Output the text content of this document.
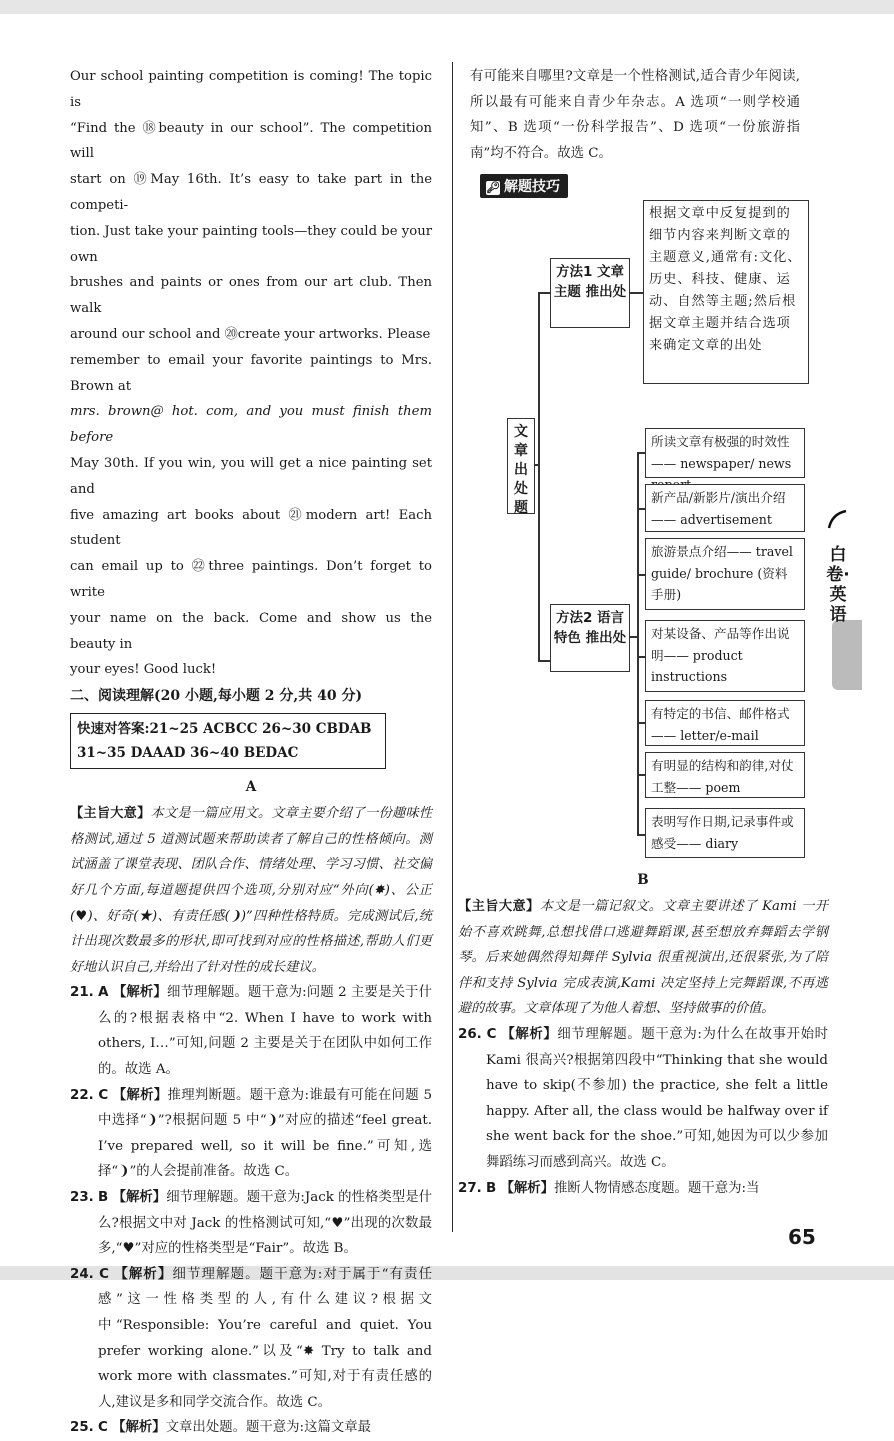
Our school painting competition is coming! The topic is

“Find the ⑱beauty in our school”. The competition will

start on ⑲May 16th. It’s easy to take part in the competi-

tion. Just take your painting tools—they could be your own

brushes and paints or ones from our art club. Then walk

around our school and ⑳create your artworks. Please

remember to email your favorite paintings to Mrs. Brown at

mrs. brown@ hot. com, and you must finish them before

May 30th. If you win, you will get a nice painting set and

five amazing art books about ㉑modern art! Each student

can email up to ㉒three paintings. Don’t forget to write

your name on the back. Come and show us the beauty in

your eyes! Good luck!

二、阅读理解(20 小题,每小题 2 分,共 40 分)

快速对答案:21~25 ACBCC 26~30 CBDAB
31~35 DAAAD 36~40 BEDAC

A

【主旨大意】本文是一篇应用文。文章主要介绍了一份趣味性格测试,通过 5 道测试题来帮助读者了解自己的性格倾向。测试涵盖了课堂表现、团队合作、情绪处理、学习习惯、社交偏好几个方面,每道题提供四个选项,分别对应“外向(✸)、公正(♥)、好奇(★)、有责任感(❩)”四种性格特质。完成测试后,统计出现次数最多的形状,即可找到对应的性格描述,帮助人们更好地认识自己,并给出了针对性的成长建议。

21. A 【解析】细节理解题。题干意为:问题 2 主要是关于什么的?根据表格中“2. When I have to work with others, I…”可知,问题 2 主要是关于在团队中如何工作的。故选 A。

22. C 【解析】推理判断题。题干意为:谁最有可能在问题 5 中选择“❩”?根据问题 5 中“❩”对应的描述“feel great. I’ve prepared well, so it will be fine.”可知,选择“❩”的人会提前准备。故选 C。

23. B 【解析】细节理解题。题干意为:Jack 的性格类型是什么?根据文中对 Jack 的性格测试可知,“♥”出现的次数最多,“♥”对应的性格类型是“Fair”。故选 B。

24. C 【解析】细节理解题。题干意为:对于属于“有责任感”这一性格类型的人,有什么建议?根据文中“Responsible: You’re careful and quiet. You prefer working alone.”以及“✸ Try to talk and work more with classmates.”可知,对于有责任感的人,建议是多和同学交流合作。故选 C。

25. C 【解析】文章出处题。题干意为:这篇文章最

有可能来自哪里?文章是一个性格测试,适合青少年阅读,所以最有可能来自青少年杂志。A 选项“一则学校通知”、B 选项“一份科学报告”、D 选项“一份旅游指南”均不符合。故选 C。

🔑︎ 解题技巧
文章出处题
方法1 文章主题 推出处
方法2 语言特色 推出处
根据文章中反复提到的细节内容来判断文章的主题意义,通常有:文化、历史、科技、健康、运动、自然等主题;然后根据文章主题并结合选项来确定文章的出处
所读文章有极强的时效性—— newspaper/ news
新产品/新影片/演出介绍—— advertisement
旅游景点介绍—— travel guide/ brochure (资料手册)
对某设备、产品等作出说明—— product instructions
有特定的书信、邮件格式—— letter/e-mail
有明显的结构和韵律,对仗工整—— poem
表明写作日期,记录事件或感受—— diary

B

【主旨大意】本文是一篇记叙文。文章主要讲述了 Kami 一开始不喜欢跳舞,总想找借口逃避舞蹈课,甚至想放弃舞蹈去学钢琴。后来她偶然得知舞伴 Sylvia 很重视演出,还很紧张,为了陪伴和支持 Sylvia 完成表演,Kami 决定坚持上完舞蹈课,不再逃避的故事。文章体现了为他人着想、坚持做事的价值。

26. C 【解析】细节理解题。题干意为:为什么在故事开始时 Kami 很高兴?根据第四段中“Thinking that she would have to skip(不参加) the practice, she felt a little happy. After all, the class would be halfway over if she went back for the shoe.”可知,她因为可以少参加舞蹈练习而感到高兴。故选 C。

27. B 【解析】推断人物情感态度题。题干意为:当

白卷·英语
65
